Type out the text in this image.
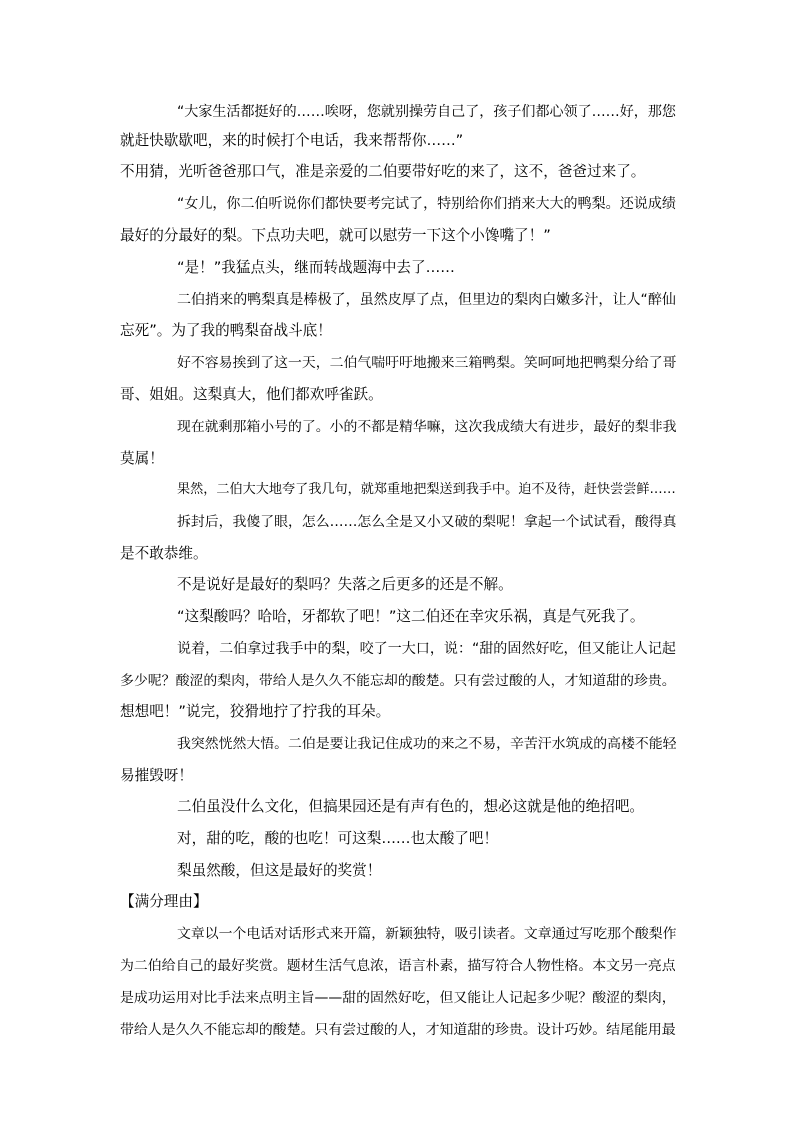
“大家生活都挺好的……唉呀，您就别操劳自己了，孩子们都心领了……好，那您
就赶快歇歇吧，来的时候打个电话，我来帮帮你……”
不用猜，光听爸爸那口气，准是亲爱的二伯要带好吃的来了，这不，爸爸过来了。
“女儿，你二伯听说你们都快要考完试了，特别给你们捎来大大的鸭梨。还说成绩
最好的分最好的梨。下点功夫吧，就可以慰劳一下这个小馋嘴了！”
“是！”我猛点头，继而转战题海中去了……
二伯捎来的鸭梨真是棒极了，虽然皮厚了点，但里边的梨肉白嫩多汁，让人“醉仙
忘死”。为了我的鸭梨奋战斗底！
好不容易挨到了这一天，二伯气喘吁吁地搬来三箱鸭梨。笑呵呵地把鸭梨分给了哥
哥、姐姐。这梨真大，他们都欢呼雀跃。
现在就剩那箱小号的了。小的不都是精华嘛，这次我成绩大有进步，最好的梨非我
莫属！
果然，二伯大大地夸了我几句，就郑重地把梨送到我手中。迫不及待，赶快尝尝鲜……
拆封后，我傻了眼，怎么……怎么全是又小又破的梨呢！拿起一个试试看，酸得真
是不敢恭维。
不是说好是最好的梨吗？失落之后更多的还是不解。
“这梨酸吗？哈哈，牙都软了吧！”这二伯还在幸灾乐祸，真是气死我了。
说着，二伯拿过我手中的梨，咬了一大口，说：“甜的固然好吃，但又能让人记起
多少呢？酸涩的梨肉，带给人是久久不能忘却的酸楚。只有尝过酸的人，才知道甜的珍贵。
想想吧！”说完，狡猾地拧了拧我的耳朵。
我突然恍然大悟。二伯是要让我记住成功的来之不易，辛苦汗水筑成的高楼不能轻
易摧毁呀！
二伯虽没什么文化，但搞果园还是有声有色的，想必这就是他的绝招吧。
对，甜的吃，酸的也吃！可这梨……也太酸了吧！
梨虽然酸，但这是最好的奖赏！
【满分理由】
文章以一个电话对话形式来开篇，新颖独特，吸引读者。文章通过写吃那个酸梨作
为二伯给自己的最好奖赏。题材生活气息浓，语言朴素，描写符合人物性格。本文另一亮点
是成功运用对比手法来点明主旨——甜的固然好吃，但又能让人记起多少呢？酸涩的梨肉，
带给人是久久不能忘却的酸楚。只有尝过酸的人，才知道甜的珍贵。设计巧妙。结尾能用最
